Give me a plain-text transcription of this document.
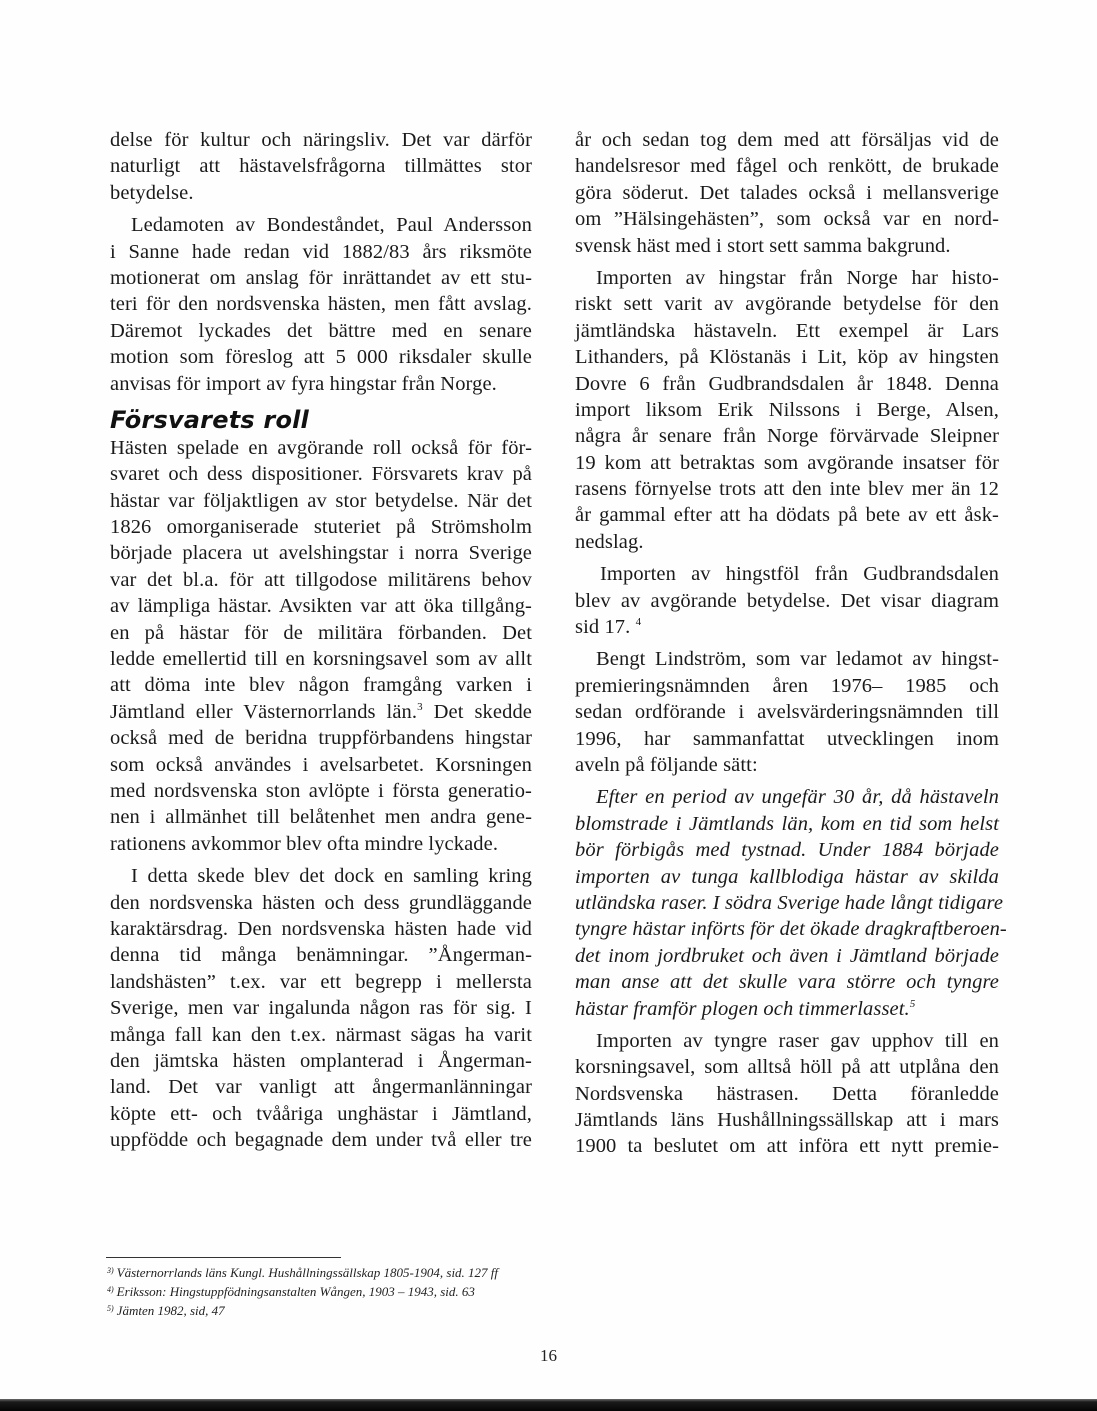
delse för kultur och näringsliv. Det var därför
naturligt att hästavelsfrågorna tillmättes stor
betydelse.
Ledamoten av Bondeståndet, Paul Andersson
i Sanne hade redan vid 1882/83 års riksmöte
motionerat om anslag för inrättandet av ett stu-
teri för den nordsvenska hästen, men fått avslag.
Däremot lyckades det bättre med en senare
motion som föreslog att 5 000 riksdaler skulle
anvisas för import av fyra hingstar från Norge.
Försvarets roll
Hästen spelade en avgörande roll också för för-
svaret och dess dispositioner. Försvarets krav på
hästar var följaktligen av stor betydelse. När det
1826 omorganiserade stuteriet på Strömsholm
började placera ut avelshingstar i norra Sverige
var det bl.a. för att tillgodose militärens behov
av lämpliga hästar. Avsikten var att öka tillgång-
en på hästar för de militära förbanden. Det
ledde emellertid till en korsningsavel som av allt
att döma inte blev någon framgång varken i
Jämtland eller Västernorrlands län.$^3$ Det skedde
också med de beridna truppförbandens hingstar
som också användes i avelsarbetet. Korsningen
med nordsvenska ston avlöpte i första generatio-
nen i allmänhet till belåtenhet men andra gene-
rationens avkommor blev ofta mindre lyckade.
I detta skede blev det dock en samling kring
den nordsvenska hästen och dess grundläggande
karaktärsdrag. Den nordsvenska hästen hade vid
denna tid många benämningar. ”Ångerman-
landshästen” t.ex. var ett begrepp i mellersta
Sverige, men var ingalunda någon ras för sig. I
många fall kan den t.ex. närmast sägas ha varit
den jämtska hästen omplanterad i Ångerman-
land. Det var vanligt att ångermanlänningar
köpte ett- och tvååriga unghästar i Jämtland,
uppfödde och begagnade dem under två eller tre
år och sedan tog dem med att försäljas vid de
handelsresor med fågel och renkött, de brukade
göra söderut. Det talades också i mellansverige
om ”Hälsingehästen”, som också var en nord-
svensk häst med i stort sett samma bakgrund.
Importen av hingstar från Norge har histo-
riskt sett varit av avgörande betydelse för den
jämtländska hästaveln. Ett exempel är Lars
Lithanders, på Klöstanäs i Lit, köp av hingsten
Dovre 6 från Gudbrandsdalen år 1848. Denna
import liksom Erik Nilssons i Berge, Alsen,
några år senare från Norge förvärvade Sleipner
19 kom att betraktas som avgörande insatser för
rasens förnyelse trots att den inte blev mer än 12
år gammal efter att ha dödats på bete av ett åsk-
nedslag.
Importen av hingstföl från Gudbrandsdalen
blev av avgörande betydelse. Det visar diagram
sid 17. $^4$
Bengt Lindström, som var ledamot av hingst-
premieringsnämnden åren 1976– 1985 och
sedan ordförande i avelsvärderingsnämnden till
1996, har sammanfattat utvecklingen inom
aveln på följande sätt:
Efter en period av ungefär 30 år, då hästaveln
blomstrade i Jämtlands län, kom en tid som helst
bör förbigås med tystnad. Under 1884 började
importen av tunga kallblodiga hästar av skilda
utländska raser. I södra Sverige hade långt tidigare
tyngre hästar införts för det ökade dragkraftberoen-
det inom jordbruket och även i Jämtland började
man anse att det skulle vara större och tyngre
hästar framför plogen och timmerlasset.$^5$
Importen av tyngre raser gav upphov till en
korsningsavel, som alltså höll på att utplåna den
Nordsvenska hästrasen. Detta föranledde
Jämtlands läns Hushållningssällskap att i mars
1900 ta beslutet om att införa ett nytt premie-
$^{3)}$ Västernorrlands läns Kungl. Hushållningssällskap 1805-1904, sid. 127 ff
$^{4)}$ Eriksson: Hingstuppfödningsanstalten Wången, 1903 – 1943, sid. 63
$^{5)}$ Jämten 1982, sid, 47
16
